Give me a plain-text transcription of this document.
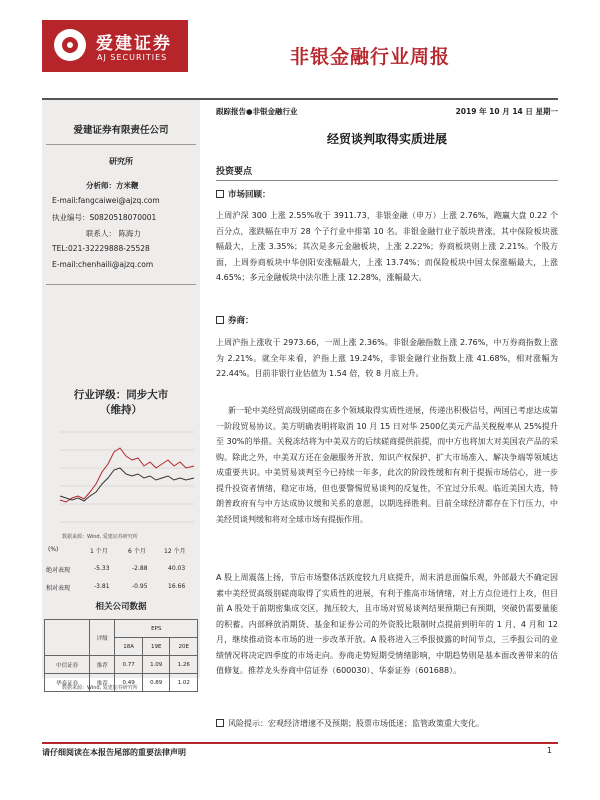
爱建证券
AJ SECURITIES	非银金融行业周报
爱建证券有限责任公司
研究所
分析师：方米鞭
E-mail:fangcaiwei@ajzq.com
执业编号：S0820518070001
联系人： 陈海力
TEL:021-32229888-25528
E-mail:chenhaili@ajzq.com
行业评级：同步大市
（维持）
数据来源：Wind, 爱建证券研究所
(%)	1 个月	6 个月	12 个月
绝对表现	-5.33	-2.88	40.03
相对表现	-3.81	-0.95	16.66
相关公司数据
	评级	EPS		
		18A	19E	20E
中信证券	推荐	0.77	1.09	1.26
华泰证券	推荐	0.49	0.89	1.02
数据来源：Wind, 爱建证券研究所
跟踪报告●非银金融行业	2019 年 10 月 14 日 星期一
经贸谈判取得实质进展
投资要点
市场回顾：
上周沪深 300 上涨 2.55%收于 3911.73，非银金融（申万）上涨 2.76%，跑赢大盘 0.22 个百分点，涨跌幅在申万 28 个子行业中排第 10 名。非银金融行业子版块普涨，其中保险板块涨幅最大，上涨 3.35%；其次是多元金融板块，上涨 2.22%；券商板块则上涨 2.21%。个股方面，上周券商板块中华创阳安涨幅最大，上涨 13.74%；而保险板块中国太保涨幅最大，上涨 4.65%；多元金融板块中法尔胜上涨 12.28%，涨幅最大。
券商：
上周沪指上涨收于 2973.66，一周上涨 2.36%。非银金融指数上涨 2.76%，中万券商指数上涨为 2.21%。就全年来看，沪指上涨 19.24%，非银金融行业指数上涨 41.68%，相对涨幅为 22.44%。目前非银行业估值为 1.54 倍，较 8 月底上升。
新一轮中美经贸高级别磋商在多个领域取得实质性进展，传递出积极信号，两国已考虑达成第一阶段贸易协议。美方明确表明将取消 10 月 15 日对华 2500亿美元产品关税税率从 25%提升至 30%的举措。关税冻结将为中美双方的后续磋商提供前提，而中方也将加大对美国农产品的采购。除此之外，中美双方还在金融服务开放、知识产权保护、扩大市场准入、解决争端等领域达成重要共识。中美贸易谈判至今已持续一年多，此次的阶段性缓和有利于提振市场信心，进一步提升投资者情绪，稳定市场，但也要警惕贸易谈判的反复性，不宜过分乐观。临近美国大选，特朗普政府有与中方达成协议缓和关系的意愿，以期选择胜利。目前全球经济都存在下行压力，中美经贸谈判缓和将对全球市场有提振作用。
A 股上周震荡上扬，节后市场整体活跃度较九月底提升，周末消息面偏乐观，外部最大不确定因素中美经贸高级别磋商取得了实质性的进展，有利于推高市场情绪，对上方点位进行上攻，但目前 A 股处于前期密集成交区，抛压较大，且市场对贸易谈判结果预期已有预期，突破仍需要量能的积蓄。内部释放消期货、基金和证券公司的外资股比限制时点提前到明年的 1 月、4 月和 12 月，继续推动资本市场的进一步改革开放。A 股将进入三季报披露的时间节点，三季报公司的业绩情况将决定四季度的市场走向。券商走势短期受情绪影响，中期趋势则是基本面改善带来的估值修复。推荐龙头券商中信证券（600030）、华泰证券（601688）。
风险提示：宏观经济增速不及预期；股票市场低迷；监管政策重大变化。
请仔细阅读在本报告尾部的重要法律声明	1
